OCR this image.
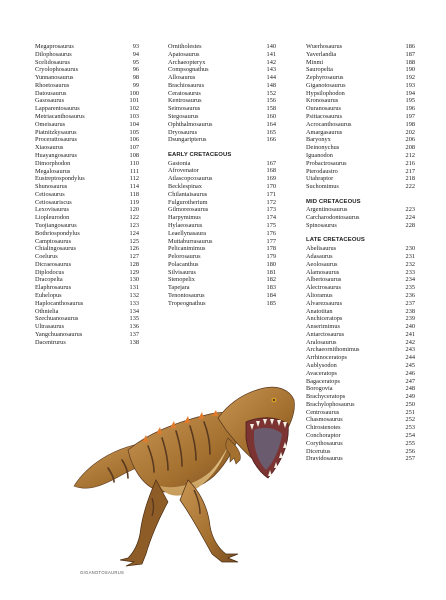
Megaprosaurus	93
Dilophosaurus	94
Scelidosaurus	95
Cryolophosaurus	96
Yunnanosaurus	98
Rhoetosaurus	99
Datousaurus	100
Gasosaurus	101
Lapparentosaurus	102
Metriacanthosaurus	103
Omeisaurus	104
Piatnitzkysaurus	105
Procerattosaurus	106
Xiaosaurus	107
Huayangosaurus	108
Dimorphodon	110
Megalosaurus	111
Eustreptospondylus	112
Shunosaurus	114
Cetiosaurus	118
Cetiosauriscus	119
Lexovisaurus	120
Liopleurodon	122
Tuojiangosaurus	123
Bothriospondylus	124
Camptosaurus	125
Chialingosaurus	126
Coelurus	127
Dicraeosaurus	128
Diplodocus	129
Dracopelta	130
Elaphrosaurus	131
Euhelopus	132
Haplocanthosaurus	133
Othnielia	134
Szechuanosaurus	135
Ultrasaurus	136
Yangchuanosaurus	137
Dacentrurus	138
Ornitholestes	140
Apatosaurus	141
Archaeopteryx	142
Compsognathus	143
Allosaurus	144
Brachiosaurus	148
Ceratosaurus	152
Kentrosaurus	156
Seimosaurus	158
Stegosaurus	160
Ophthalmosaurus	164
Dryosaurus	165
Dsungaripterus	166
EARLY CRETACEOUS
Gastonia	167
Afrovenator	168
Atlascopcosaurus	169
Becklespinax	170
Chilantaisaurus	171
Fulgurotherium	172
Gilmoreosaurus	173
Harpymimus	174
Hylaeosaurus	175
Leaellynasaura	176
Muttaburrasaurus	177
Pelicanimimus	178
Pelorosaurus	179
Polacanthus	180
Silvisaurus	181
Stenopelix	182
Tapejara	183
Tenontosaurus	184
Tropeognathus	185
Wuerhosaurus	186
Yaverlandia	187
Minmi	188
Sauropelta	190
Zephyrosaurus	192
Giganotosaurus	193
Hypsilophodon	194
Kronosaurus	195
Ouranosaurus	196
Psittacosaurus	197
Acrocanthosaurus	198
Amargasaurus	202
Baryonyx	206
Deinonychus	208
Iguanodon	212
Probactrosaurus	216
Pterodaustro	217
Utahraptor	218
Suchomimus	222
MID CRETACEOUS
Argentinosaurus	223
Carcharodontosaurus	224
Spinosaurus	228
LATE CRETACEOUS
Abelisaurus	230
Adasaurus	231
Aeolosaurus	232
Alamosaurus	233
Albertosaurus	234
Alectrosaurus	235
Alioramus	236
Alvarezsaurus	237
Anatotitan	238
Anchiceratops	239
Anserimimus	240
Antarctosaurus	241
Aralosaurus	242
Archaeornithomimus	243
Arrhinoceratops	244
Aublysodon	245
Avaceratops	246
Bagaceratops	247
Borogovia	248
Brachyceratops	249
Brachylophosaurus	250
Centrosaurus	251
Chasmosaurus	252
Chirostenotes	253
Conchoraptor	254
Corythosaurus	255
Dicerutus	256
Dravidosaurus	257
GIGANOTOSAURUS
